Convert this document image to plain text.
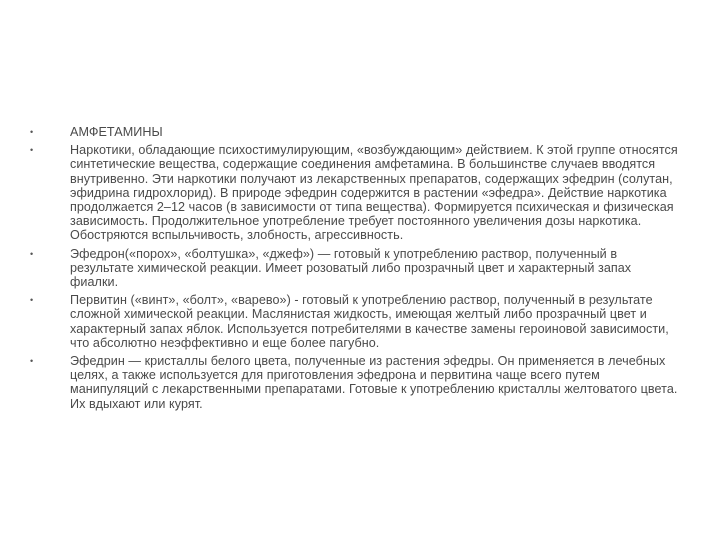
•	АМФЕТАМИНЫ
•	Наркотики, обладающие психостимулирующим, «возбуждающим» действием. К этой группе относятся синтетические вещества, содержащие соединения амфетамина. В большинстве случаев вводятся внутривенно. Эти наркотики получают из лекарственных препаратов, содержащих эфедрин (солутан, эфидрина гидрохлорид). В природе эфедрин содержится в растении «эфедра». Действие наркотика продолжается 2–12 часов (в зависимости от типа вещества). Формируется психическая и физическая зависимость. Продолжительное употребление требует постоянного увеличения дозы наркотика. Обостряются вспыльчивость, злобность, агрессивность.
•	Эфедрон(«порох», «болтушка», «джеф») — готовый к употреблению раствор, полученный в результате химической реакции. Имеет розоватый либо прозрачный цвет и характерный запах фиалки.
•	Первитин («винт», «болт», «варево») - готовый к употреблению раствор, полученный в результате сложной химической реакции. Маслянистая жидкость, имеющая желтый либо прозрачный цвет и характерный запах яблок. Используется потребителями в качестве замены героиновой зависимости, что абсолютно неэффективно и еще более пагубно.
•	Эфедрин — кристаллы белого цвета, полученные из растения эфедры. Он применяется в лечебных целях, а также используется для приготовления эфедрона и первитина чаще всего путем манипуляций с лекарственными препаратами. Готовые к употреблению кристаллы желтоватого цвета. Их вдыхают или курят.
